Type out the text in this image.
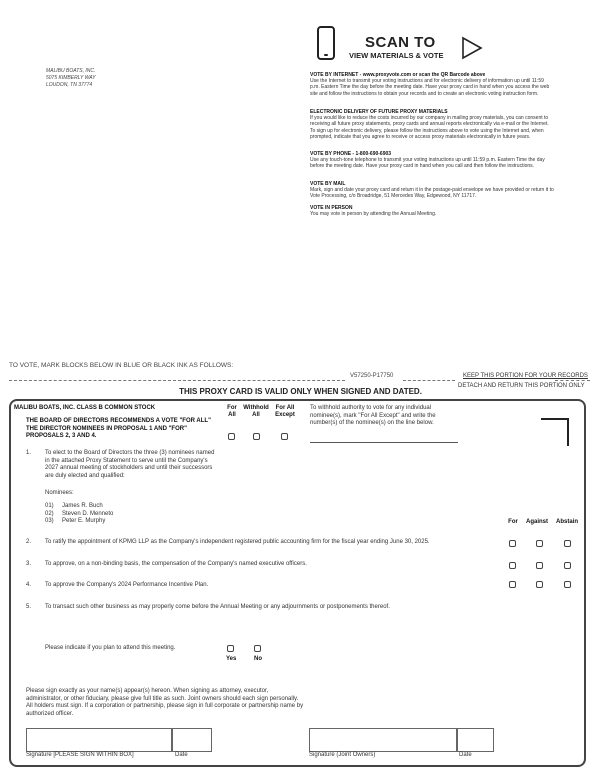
MALIBU BOATS, INC.
5075 KIMBERLY WAY
LOUDON, TN 37774
SCAN TO
VIEW MATERIALS & VOTE
VOTE BY INTERNET - www.proxyvote.com or scan the QR Barcode above
Use the Internet to transmit your voting instructions and for electronic delivery of information up until 11:59 p.m. Eastern Time the day before the meeting date. Have your proxy card in hand when you access the web site and follow the instructions to obtain your records and to create an electronic voting instruction form.
ELECTRONIC DELIVERY OF FUTURE PROXY MATERIALS
If you would like to reduce the costs incurred by our company in mailing proxy materials, you can consent to receiving all future proxy statements, proxy cards and annual reports electronically via e-mail or the Internet. To sign up for electronic delivery, please follow the instructions above to vote using the Internet and, when prompted, indicate that you agree to receive or access proxy materials electronically in future years.
VOTE BY PHONE - 1-800-690-6903
Use any touch-tone telephone to transmit your voting instructions up until 11:59 p.m. Eastern Time the day before the meeting date. Have your proxy card in hand when you call and then follow the instructions.
VOTE BY MAIL
Mark, sign and date your proxy card and return it in the postage-paid envelope we have provided or return it to Vote Processing, c/o Broadridge, 51 Mercedes Way, Edgewood, NY 11717.
VOTE IN PERSON
You may vote in person by attending the Annual Meeting.
TO VOTE, MARK BLOCKS BELOW IN BLUE OR BLACK INK AS FOLLOWS:
V57250-P17750	KEEP THIS PORTION FOR YOUR RECORDS
DETACH AND RETURN THIS PORTION ONLY
THIS PROXY CARD IS VALID ONLY WHEN SIGNED AND DATED.
MALIBU BOATS, INC. CLASS B COMMON STOCK
THE BOARD OF DIRECTORS RECOMMENDS A VOTE "FOR ALL" THE DIRECTOR NOMINEES IN PROPOSAL 1 AND "FOR" PROPOSALS 2, 3 AND 4.
For
All
Withhold
All
For All
Except
To withhold authority to vote for any individual nominee(s), mark "For All Except" and write the number(s) of the nominee(s) on the line below.
1. To elect to the Board of Directors the three (3) nominees named in the attached Proxy Statement to serve until the Company's 2027 annual meeting of stockholders and until their successors are duly elected and qualified:
Nominees:
01) James R. Buch
02) Steven D. Menneto
03) Peter E. Murphy	For	Against	Abstain
2. To ratify the appointment of KPMG LLP as the Company's independent registered public accounting firm for the fiscal year ending June 30, 2025.
3. To approve, on a non-binding basis, the compensation of the Company's named executive officers.
4. To approve the Company's 2024 Performance Incentive Plan.
5. To transact such other business as may properly come before the Annual Meeting or any adjournments or postponements thereof.
Please indicate if you plan to attend this meeting.
Yes	No
Please sign exactly as your name(s) appear(s) hereon. When signing as attorney, executor, administrator, or other fiduciary, please give full title as such. Joint owners should each sign personally. All holders must sign. If a corporation or partnership, please sign in full corporate or partnership name by authorized officer.
Signature [PLEASE SIGN WITHIN BOX]	Date	Signature (Joint Owners)	Date
